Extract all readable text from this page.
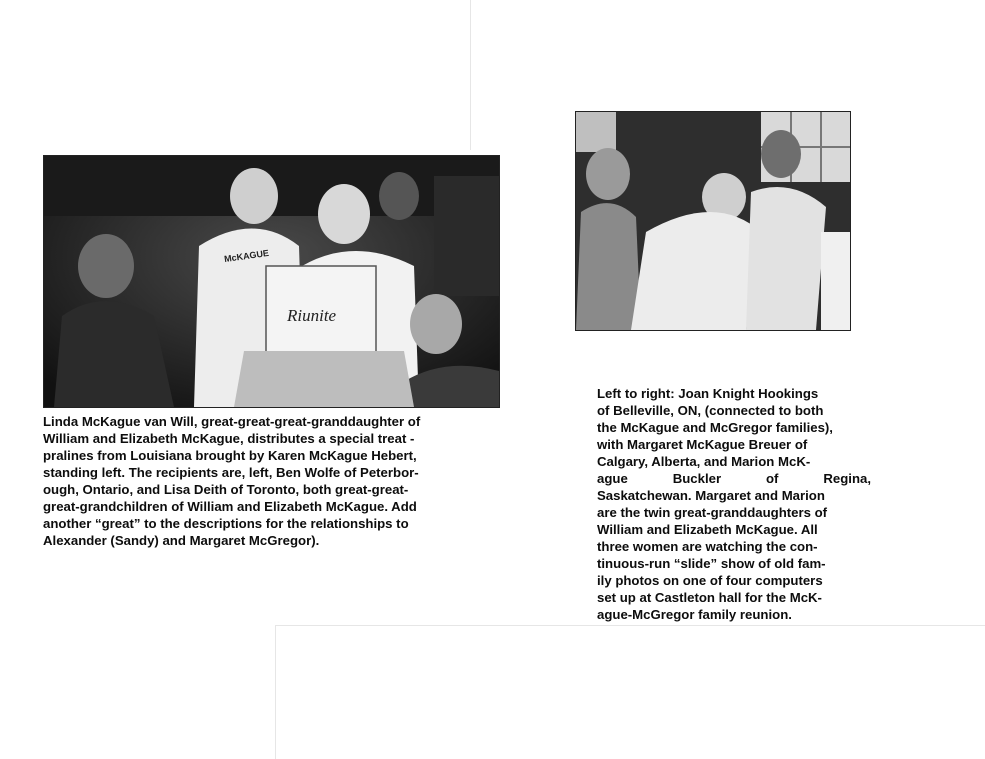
McKAGUE
Riunite
Linda McKague van Will, great-great-great-granddaughter of
William and Elizabeth McKague, distributes a special treat -
pralines from Louisiana brought by Karen McKague Hebert,
standing left. The recipients are, left, Ben Wolfe of Peterbor-
ough, Ontario, and Lisa Deith of Toronto, both great-great-
great-grandchildren of William and Elizabeth McKague. Add
another “great” to the descriptions for the relationships to
Alexander (Sandy) and Margaret McGregor).
Left to right: Joan Knight Hookings
of Belleville, ON, (connected to both
the McKague and McGregor families),
with Margaret McKague Breuer of
Calgary, Alberta, and Marion McK-
ague Buckler of Regina,
Saskatchewan. Margaret and Marion
are the twin great-granddaughters of
William and Elizabeth McKague. All
three women are watching the con-
tinuous-run “slide” show of old fam-
ily photos on one of four computers
set up at Castleton hall for the McK-
ague-McGregor family reunion.
